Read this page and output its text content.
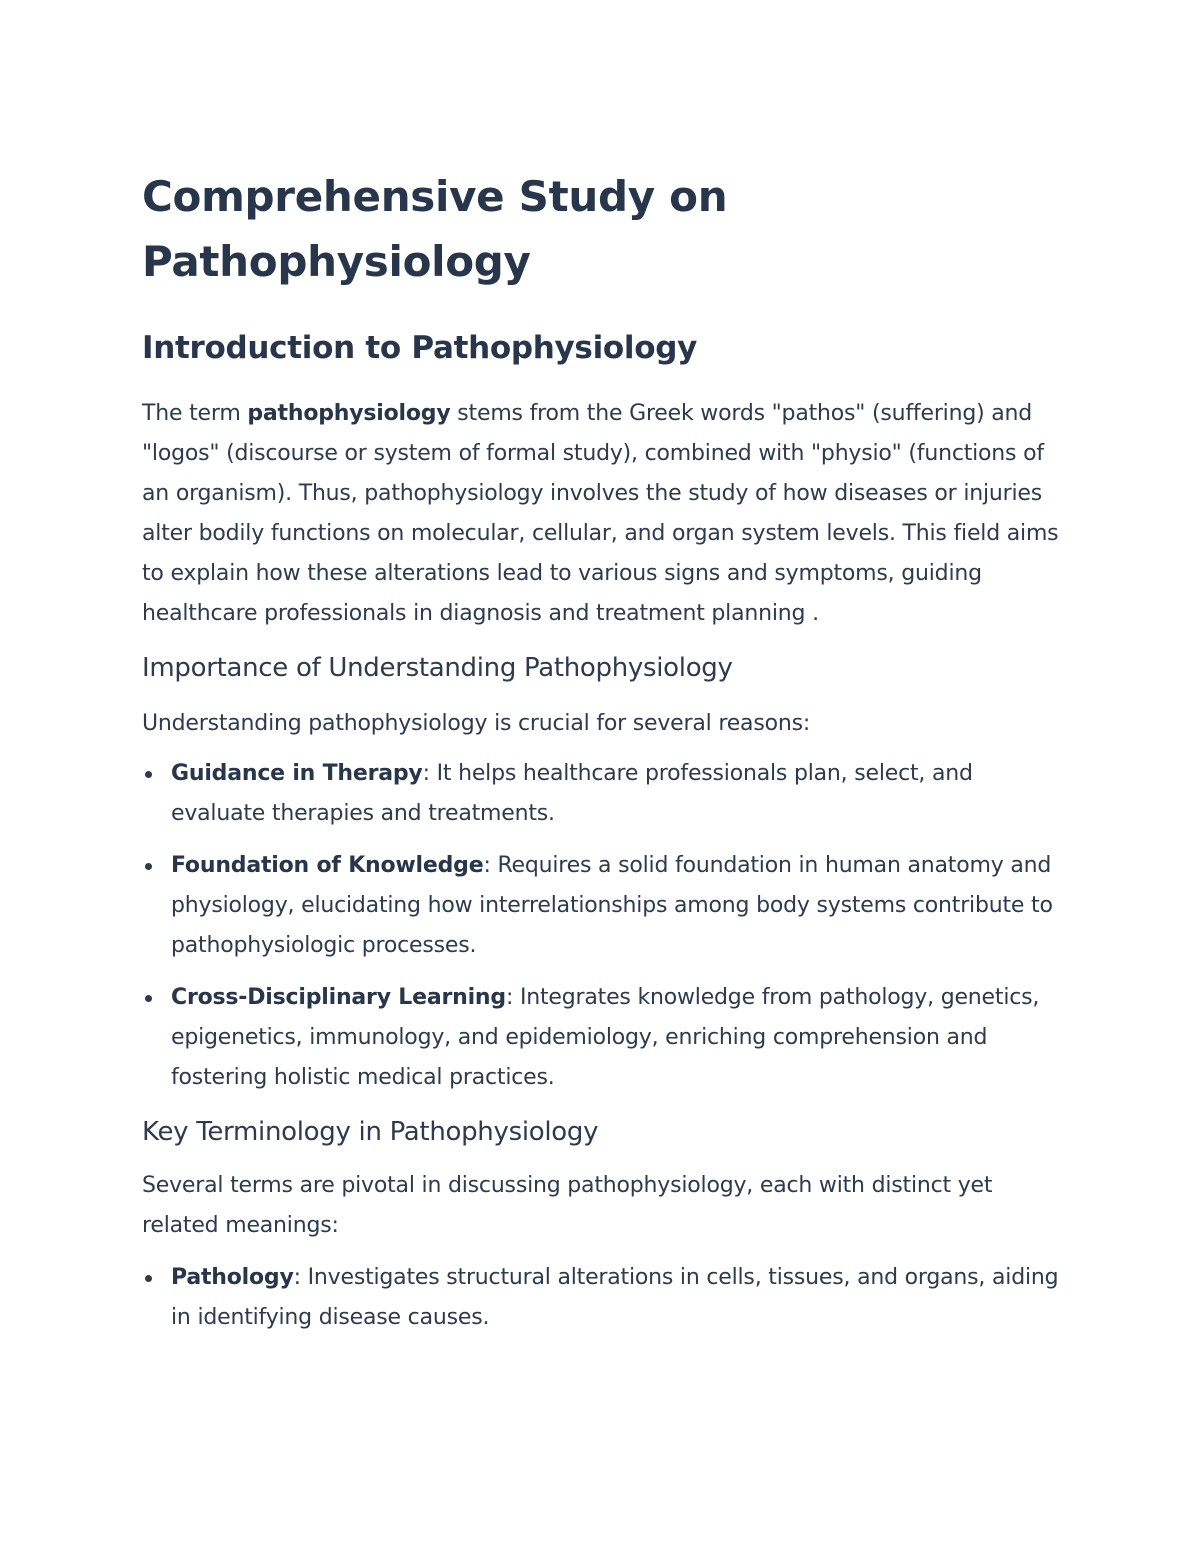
Comprehensive Study on Pathophysiology
Introduction to Pathophysiology

The term pathophysiology stems from the Greek words "pathos" (suffering) and "logos" (discourse or system of formal study), combined with "physio" (functions of an organism). Thus, pathophysiology involves the study of how diseases or injuries alter bodily functions on molecular, cellular, and organ system levels. This field aims to explain how these alterations lead to various signs and symptoms, guiding healthcare professionals in diagnosis and treatment planning .

Importance of Understanding Pathophysiology

Understanding pathophysiology is crucial for several reasons:

Guidance in Therapy: It helps healthcare professionals plan, select, and evaluate therapies and treatments.
Foundation of Knowledge: Requires a solid foundation in human anatomy and physiology, elucidating how interrelationships among body systems contribute to pathophysiologic processes.
Cross-Disciplinary Learning: Integrates knowledge from pathology, genetics, epigenetics, immunology, and epidemiology, enriching comprehension and fostering holistic medical practices.
Key Terminology in Pathophysiology

Several terms are pivotal in discussing pathophysiology, each with distinct yet related meanings:

Pathology: Investigates structural alterations in cells, tissues, and organs, aiding in identifying disease causes.
